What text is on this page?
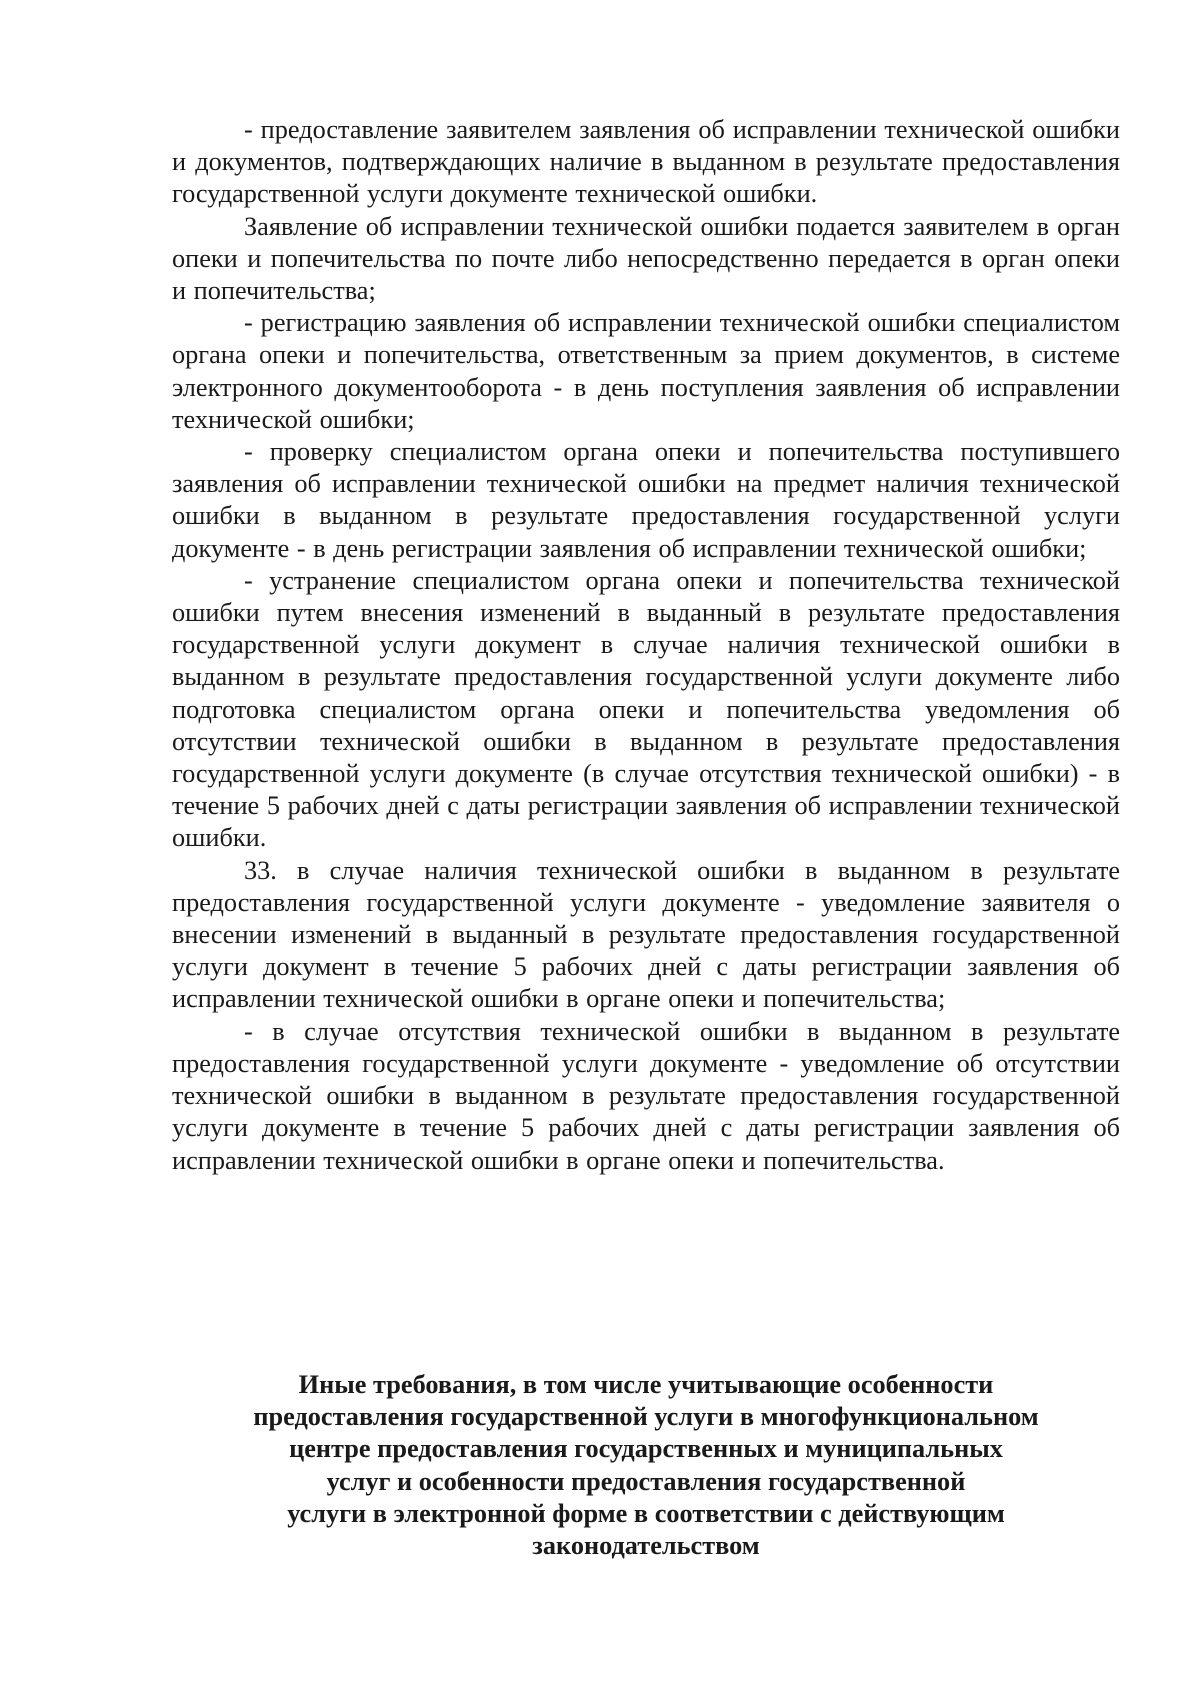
- предоставление заявителем заявления об исправлении технической ошибки и документов, подтверждающих наличие в выданном в результате предоставления государственной услуги документе технической ошибки.

Заявление об исправлении технической ошибки подается заявителем в орган опеки и попечительства по почте либо непосредственно передается в орган опеки и попечительства;

- регистрацию заявления об исправлении технической ошибки специалистом органа опеки и попечительства, ответственным за прием документов, в системе электронного документооборота - в день поступления заявления об исправлении технической ошибки;

- проверку специалистом органа опеки и попечительства поступившего заявления об исправлении технической ошибки на предмет наличия технической ошибки в выданном в результате предоставления государственной услуги документе - в день регистрации заявления об исправлении технической ошибки;

- устранение специалистом органа опеки и попечительства технической ошибки путем внесения изменений в выданный в результате предоставления государственной услуги документ в случае наличия технической ошибки в выданном в результате предоставления государственной услуги документе либо подготовка специалистом органа опеки и попечительства уведомления об отсутствии технической ошибки в выданном в результате предоставления государственной услуги документе (в случае отсутствия технической ошибки) - в течение 5 рабочих дней с даты регистрации заявления об исправлении технической ошибки.

33. в случае наличия технической ошибки в выданном в результате предоставления государственной услуги документе - уведомление заявителя о внесении изменений в выданный в результате предоставления государственной услуги документ в течение 5 рабочих дней с даты регистрации заявления об исправлении технической ошибки в органе опеки и попечительства;

- в случае отсутствия технической ошибки в выданном в результате предоставления государственной услуги документе - уведомление об отсутствии технической ошибки в выданном в результате предоставления государственной услуги документе в течение 5 рабочих дней с даты регистрации заявления об исправлении технической ошибки в органе опеки и попечительства.

Иные требования, в том числе учитывающие особенности
предоставления государственной услуги в многофункциональном
центре предоставления государственных и муниципальных
услуг и особенности предоставления государственной
услуги в электронной форме в соответствии с действующим
законодательством
